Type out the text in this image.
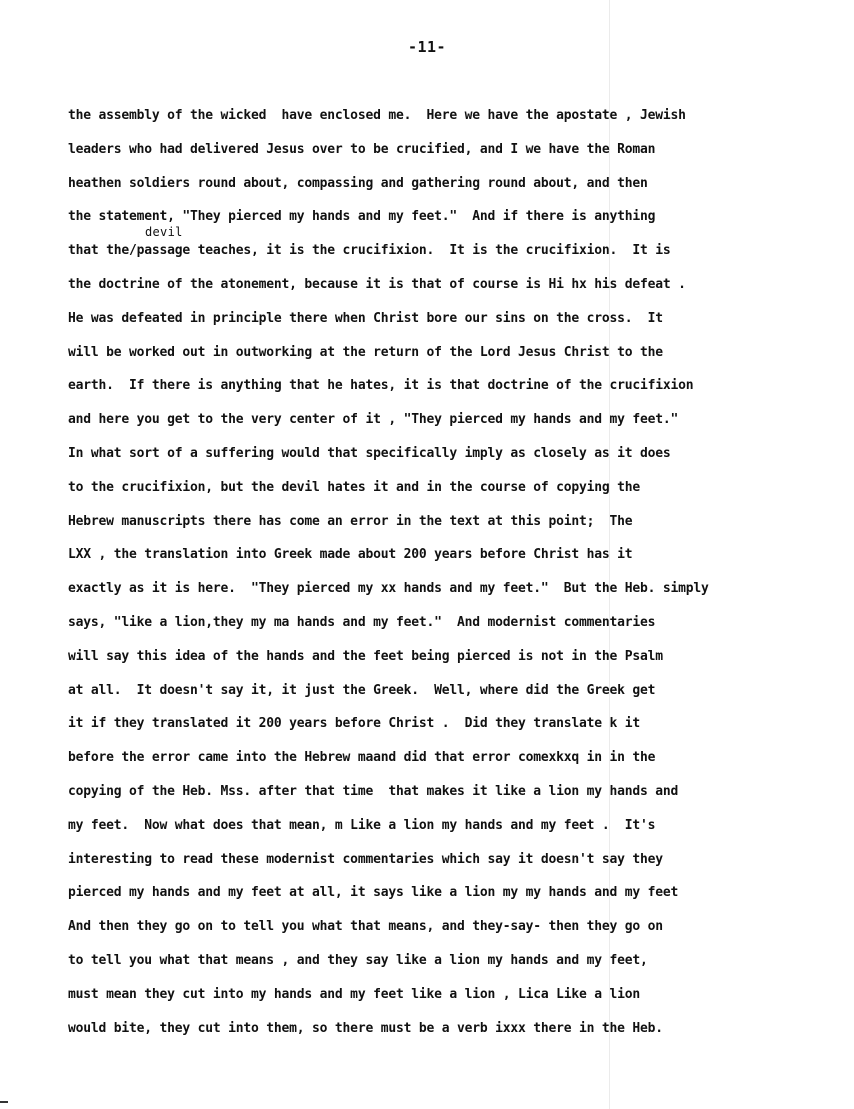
-11-
devil
the assembly of the wicked  have enclosed me.  Here we have the apostate , Jewish
leaders who had delivered Jesus over to be crucified, and I we have the Roman
heathen soldiers round about, compassing and gathering round about, and then
the statement, "They pierced my hands and my feet."  And if there is anything
that the/passage teaches, it is the crucifixion.  It is the crucifixion.  It is
the doctrine of the atonement, because it is that of course is Hi hx his defeat .
He was defeated in principle there when Christ bore our sins on the cross.  It
will be worked out in outworking at the return of the Lord Jesus Christ to the
earth.  If there is anything that he hates, it is that doctrine of the crucifixion
and here you get to the very center of it , "They pierced my hands and my feet."
In what sort of a suffering would that specifically imply as closely as it does
to the crucifixion, but the devil hates it and in the course of copying the
Hebrew manuscripts there has come an error in the text at this point;  The
LXX , the translation into Greek made about 200 years before Christ has it
exactly as it is here.  "They pierced my xx hands and my feet."  But the Heb. simply
says, "like a lion,they my ma hands and my feet."  And modernist commentaries
will say this idea of the hands and the feet being pierced is not in the Psalm
at all.  It doesn't say it, it just the Greek.  Well, where did the Greek get
it if they translated it 200 years before Christ .  Did they translate k it
before the error came into the Hebrew maand did that error comexkxq in in the
copying of the Heb. Mss. after that time  that makes it like a lion my hands and
my feet.  Now what does that mean, m Like a lion my hands and my feet .  It's
interesting to read these modernist commentaries which say it doesn't say they
pierced my hands and my feet at all, it says like a lion my my hands and my feet
And then they go on to tell you what that means, and they-say- then they go on
to tell you what that means , and they say like a lion my hands and my feet,
must mean they cut into my hands and my feet like a lion , Lica Like a lion
would bite, they cut into them, so there must be a verb ixxx there in the Heb.
